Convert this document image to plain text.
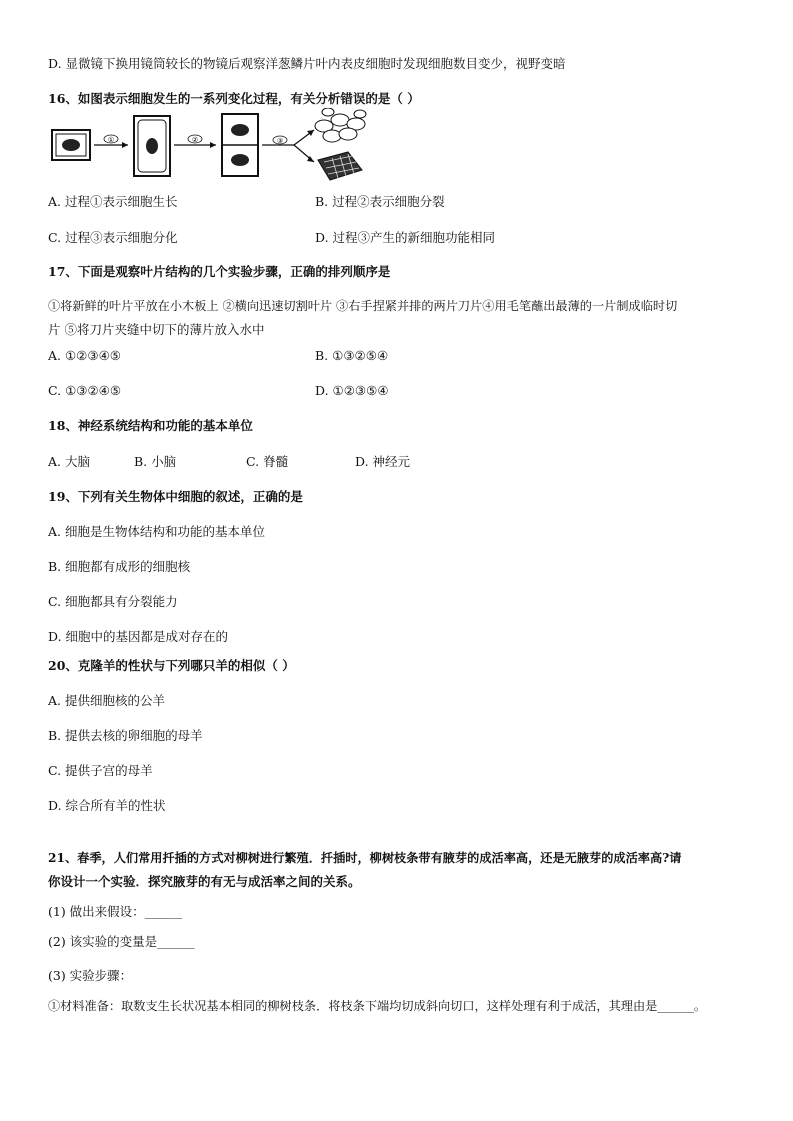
D. 显微镜下换用镜筒较长的物镜后观察洋葱鳞片叶内表皮细胞时发现细胞数目变少，视野变暗
16、如图表示细胞发生的一系列变化过程，有关分析错误的是（ ）
①	②	③
A. 过程①表示细胞生长	B. 过程②表示细胞分裂
C. 过程③表示细胞分化	D. 过程③产生的新细胞功能相同
17、下面是观察叶片结构的几个实验步骤，正确的排列顺序是
①将新鲜的叶片平放在小木板上 ②横向迅速切割叶片 ③右手捏紧并排的两片刀片④用毛笔蘸出最薄的一片制成临时切
片 ⑤将刀片夹缝中切下的薄片放入水中
A. ①②③④⑤	B. ①③②⑤④
C. ①③②④⑤	D. ①②③⑤④
18、神经系统结构和功能的基本单位
A. 大脑	B. 小脑	C. 脊髓	D. 神经元
19、下列有关生物体中细胞的叙述，正确的是
A. 细胞是生物体结构和功能的基本单位
B. 细胞都有成形的细胞核
C. 细胞都具有分裂能力
D. 细胞中的基因都是成对存在的
20、克隆羊的性状与下列哪只羊的相似（ ）
A. 提供细胞核的公羊
B. 提供去核的卵细胞的母羊
C. 提供子宫的母羊
D. 综合所有羊的性状
21、春季，人们常用扦插的方式对柳树进行繁殖．扦插时，柳树枝条带有腋芽的成活率高，还是无腋芽的成活率高?请
你设计一个实验．探究腋芽的有无与成活率之间的关系。
(1) 做出来假设：______
(2) 该实验的变量是______
(3) 实验步骤：
①材料准备：取数支生长状况基本相同的柳树枝条．将枝条下端均切成斜向切口，这样处理有利于成活，其理由是______。
